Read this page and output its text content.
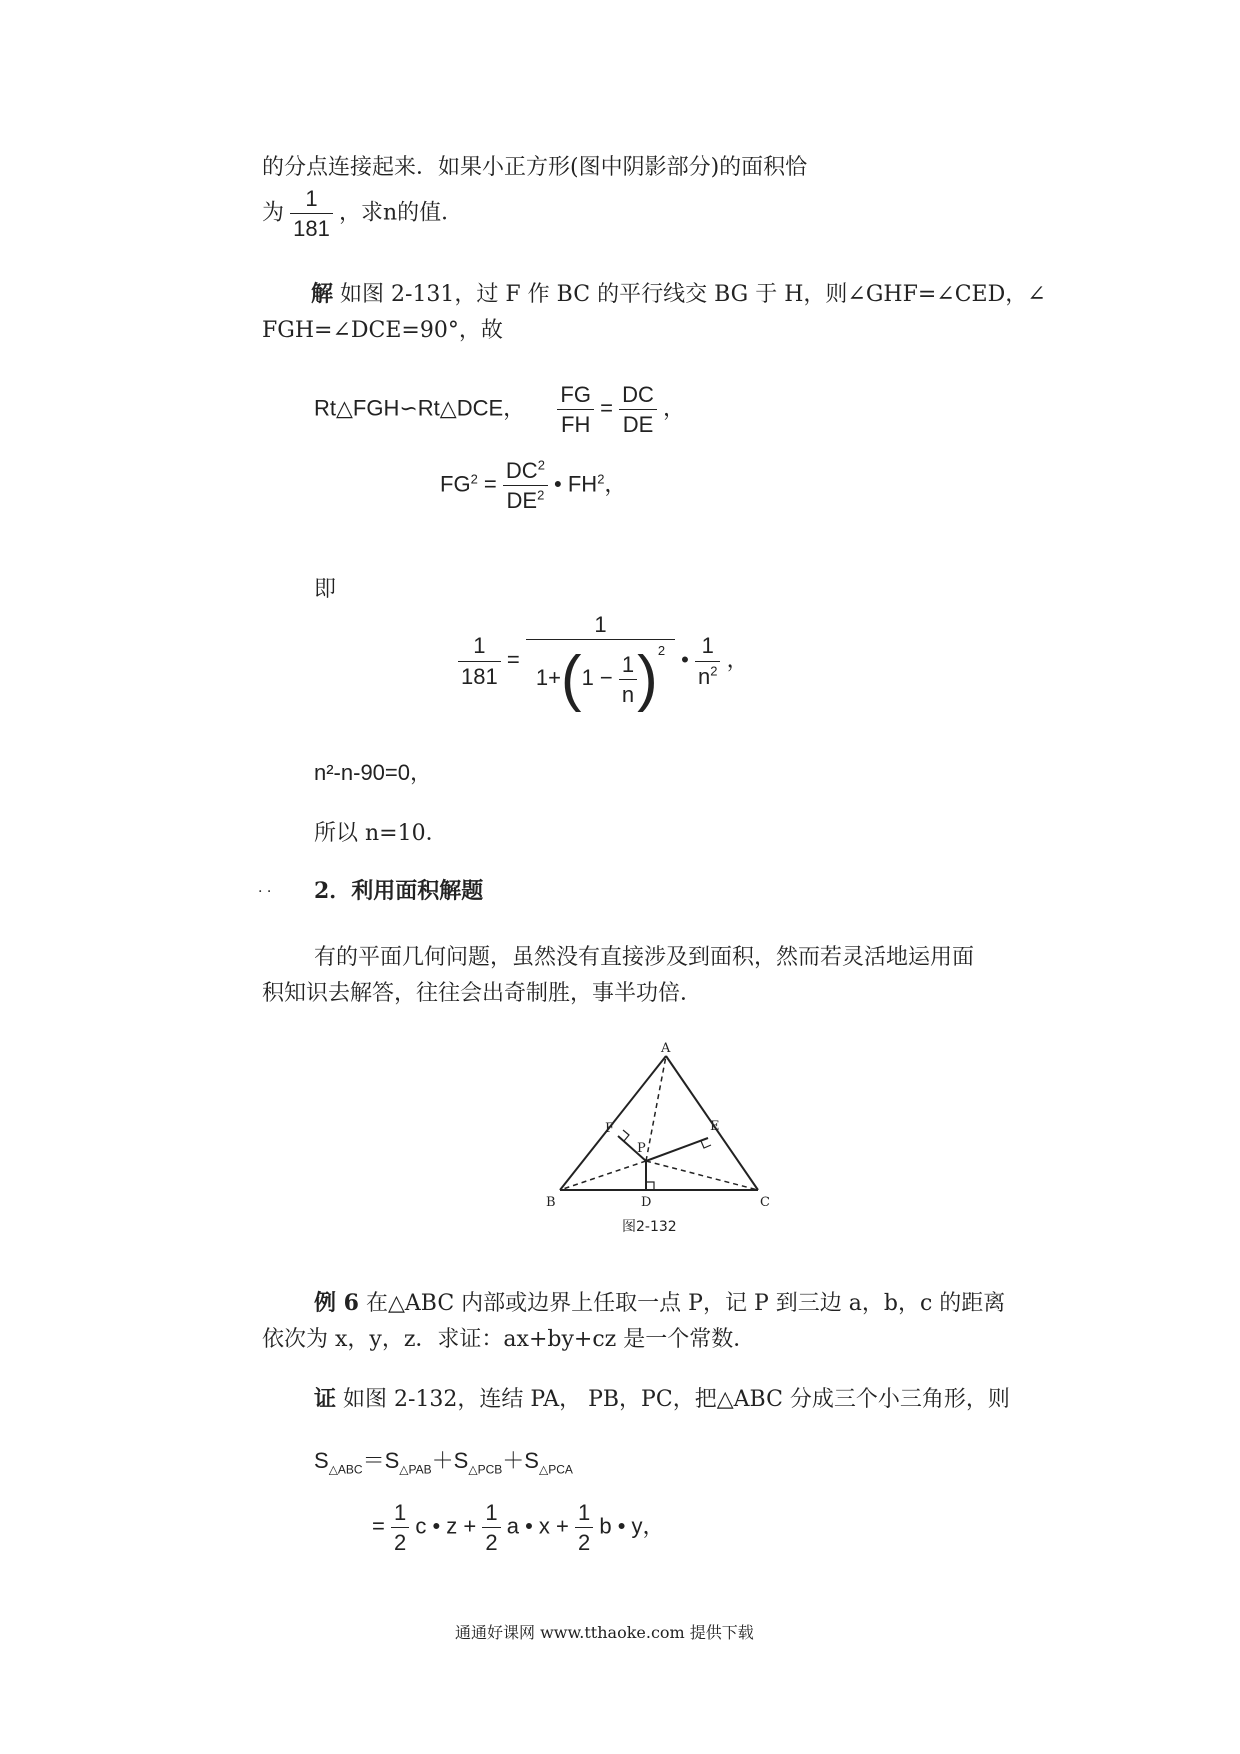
的分点连接起来．如果小正方形(图中阴影部分)的面积恰
为 $\frac{1}{181}$ ，求n的值．
解 如图 2-131，过 F 作 BC 的平行线交 BG 于 H，则∠GHF=∠CED，∠
FGH=∠DCE=90°，故
Rt△FGH∽Rt△DCE， $\frac{FG}{FH} = \frac{DC}{DE}$ ，
$FG^2 = \frac{DC^2}{DE^2}$ • $FH^2$，
即
$\frac{1}{181} = \frac{1}{1+(1 - \frac{1}{n} )^2}$ • $\frac{1}{n^2}$ ，
n²-n-90=0，
所以 n=10．
. . 2．利用面积解题
有的平面几何问题，虽然没有直接涉及到面积，然而若灵活地运用面
积知识去解答，往往会出奇制胜，事半功倍．
A
B	C
D
E
F
P
图2-132
例 6 在△ABC 内部或边界上任取一点 P，记 P 到三边 a，b，c 的距离
依次为 x，y，z．求证：ax+by+cz 是一个常数．
证 如图 2-132，连结 PA， PB，PC，把△ABC 分成三个小三角形，则
$S_{\triangle ABC}=S_{\triangle PAB}+S_{\triangle PCB}+S_{\triangle PCA}$
= $\frac{1}{2}$ c • $z + \frac{1}{2}$ a • $x + \frac{1}{2}$ b • y，
通通好课网 www.tthaoke.com 提供下载
